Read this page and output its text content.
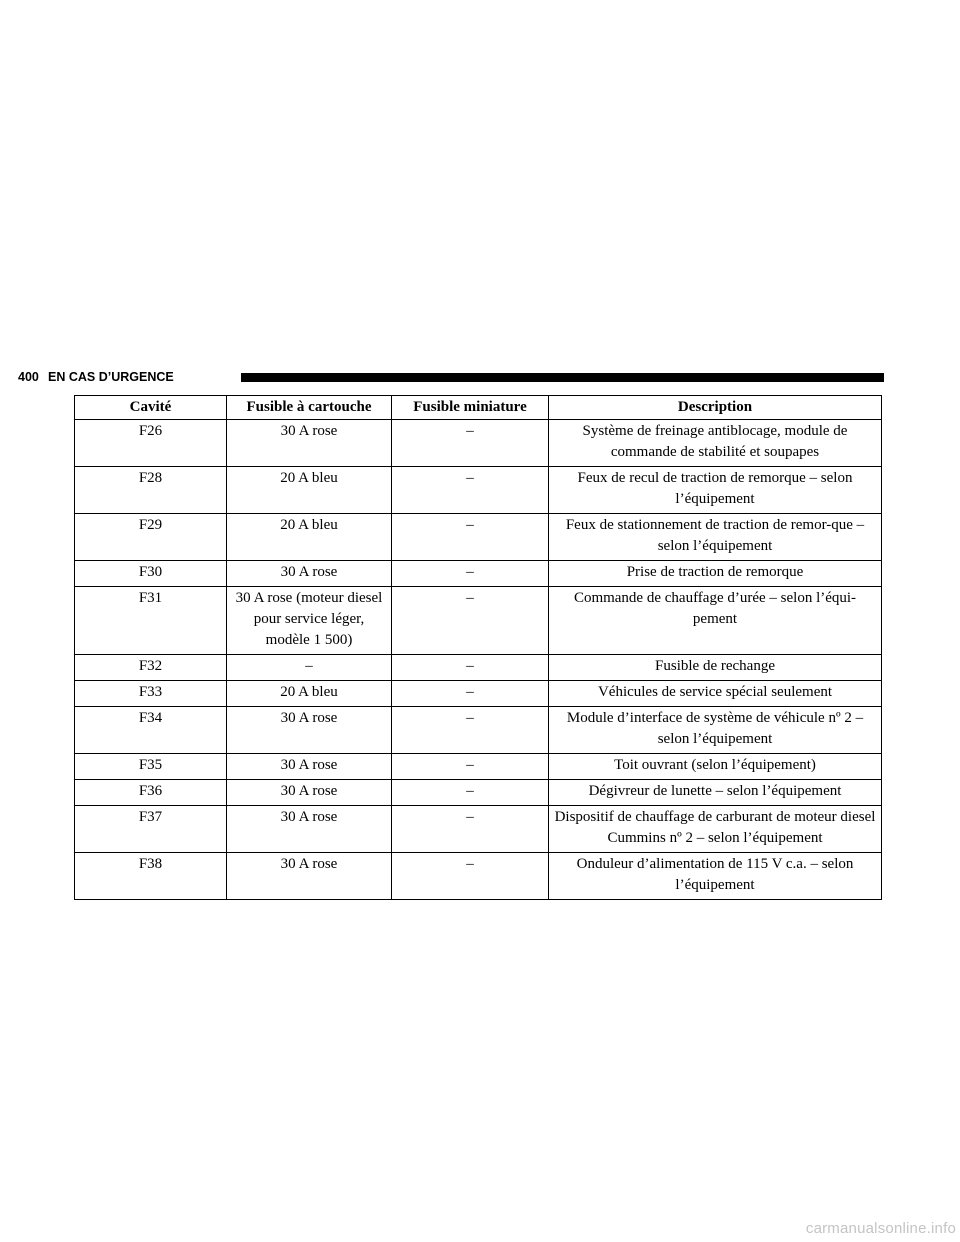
400 EN CAS D’URGENCE
Cavité	Fusible à cartouche	Fusible miniature	Description
F26	30 A rose	–	Système de freinage antiblocage, module de commande de stabilité et soupapes
F28	20 A bleu	–	Feux de recul de traction de remorque – selon l’équipement
F29	20 A bleu	–	Feux de stationnement de traction de remor-que – selon l’équipement
F30	30 A rose	–	Prise de traction de remorque
F31	30 A rose (moteur diesel pour service léger, modèle 1 500)	–	Commande de chauffage d’urée – selon l’équi-pement
F32	–	–	Fusible de rechange
F33	20 A bleu	–	Véhicules de service spécial seulement
F34	30 A rose	–	Module d’interface de système de véhicule nº 2 – selon l’équipement
F35	30 A rose	–	Toit ouvrant (selon l’équipement)
F36	30 A rose	–	Dégivreur de lunette – selon l’équipement
F37	30 A rose	–	Dispositif de chauffage de carburant de moteur diesel Cummins nº 2 – selon l’équipement
F38	30 A rose	–	Onduleur d’alimentation de 115 V c.a. – selon l’équipement
carmanualsonline.info
